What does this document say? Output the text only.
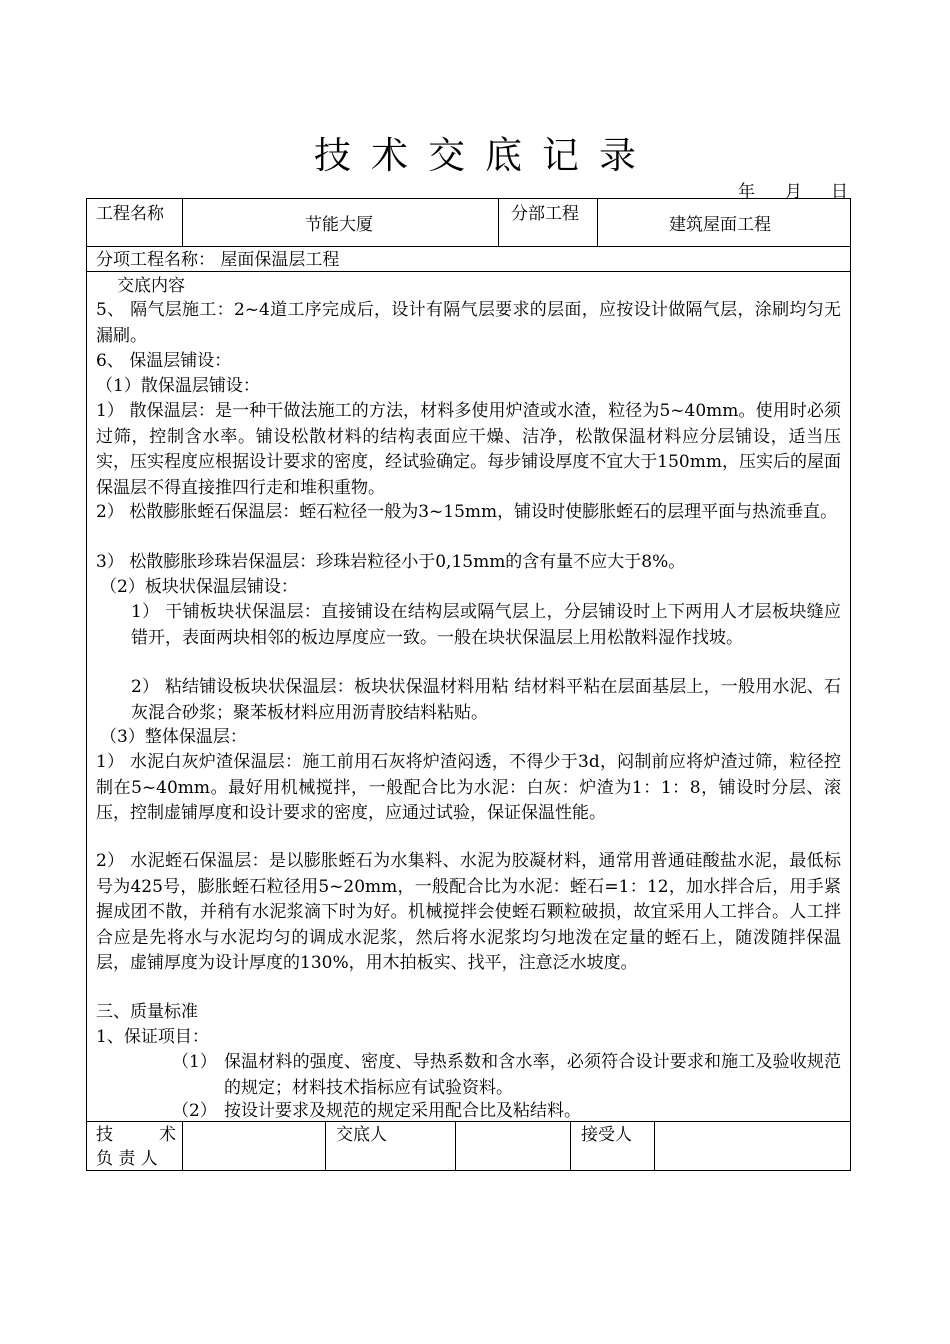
技术交底记录
年 月 日
工程名称
节能大厦
分部工程
建筑屋面工程
分项工程名称： 屋面保温层工程
交底内容
5、 隔气层施工：2~4道工序完成后，设计有隔气层要求的层面，应按设计做隔气层，涂刷均匀无漏刷。
6、 保温层铺设：
（1）散保温层铺设：
1） 散保温层：是一种干做法施工的方法，材料多使用炉渣或水渣，粒径为5~40mm。使用时必须过筛，控制含水率。铺设松散材料的结构表面应干燥、洁净，松散保温材料应分层铺设，适当压实，压实程度应根据设计要求的密度，经试验确定。每步铺设厚度不宜大于150mm，压实后的屋面保温层不得直接推四行走和堆积重物。
2） 松散膨胀蛭石保温层：蛭石粒径一般为3~15mm，铺设时使膨胀蛭石的层理平面与热流垂直。
3） 松散膨胀珍珠岩保温层：珍珠岩粒径小于0,15mm的含有量不应大于8%。
（2）板块状保温层铺设：
1） 干铺板块状保温层：直接铺设在结构层或隔气层上，分层铺设时上下两用人才层板块缝应错开，表面两块相邻的板边厚度应一致。一般在块状保温层上用松散料湿作找坡。
2） 粘结铺设板块状保温层：板块状保温材料用粘 结材料平粘在层面基层上，一般用水泥、石灰混合砂浆；聚苯板材料应用沥青胶结料粘贴。
（3）整体保温层：
1） 水泥白灰炉渣保温层：施工前用石灰将炉渣闷透，不得少于3d，闷制前应将炉渣过筛，粒径控制在5~40mm。最好用机械搅拌，一般配合比为水泥：白灰：炉渣为1：1：8，铺设时分层、滚压，控制虚铺厚度和设计要求的密度，应通过试验，保证保温性能。
2） 水泥蛭石保温层：是以膨胀蛭石为水集料、水泥为胶凝材料，通常用普通硅酸盐水泥，最低标号为425号，膨胀蛭石粒径用5~20mm，一般配合比为水泥：蛭石=1：12，加水拌合后，用手紧握成团不散，并稍有水泥浆滴下时为好。机械搅拌会使蛭石颗粒破损，故宜采用人工拌合。人工拌合应是先将水与水泥均匀的调成水泥浆，然后将水泥浆均匀地泼在定量的蛭石上，随泼随拌保温层，虚铺厚度为设计厚度的130%，用木拍板实、找平，注意泛水坡度。
三、质量标准
1、保证项目：
（1） 保温材料的强度、密度、导热系数和含水率，必须符合设计要求和施工及验收规范的规定；材料技术指标应有试验资料。
（2） 按设计要求及规范的规定采用配合比及粘结料。
技	术
负 责 人
交底人	接受人
